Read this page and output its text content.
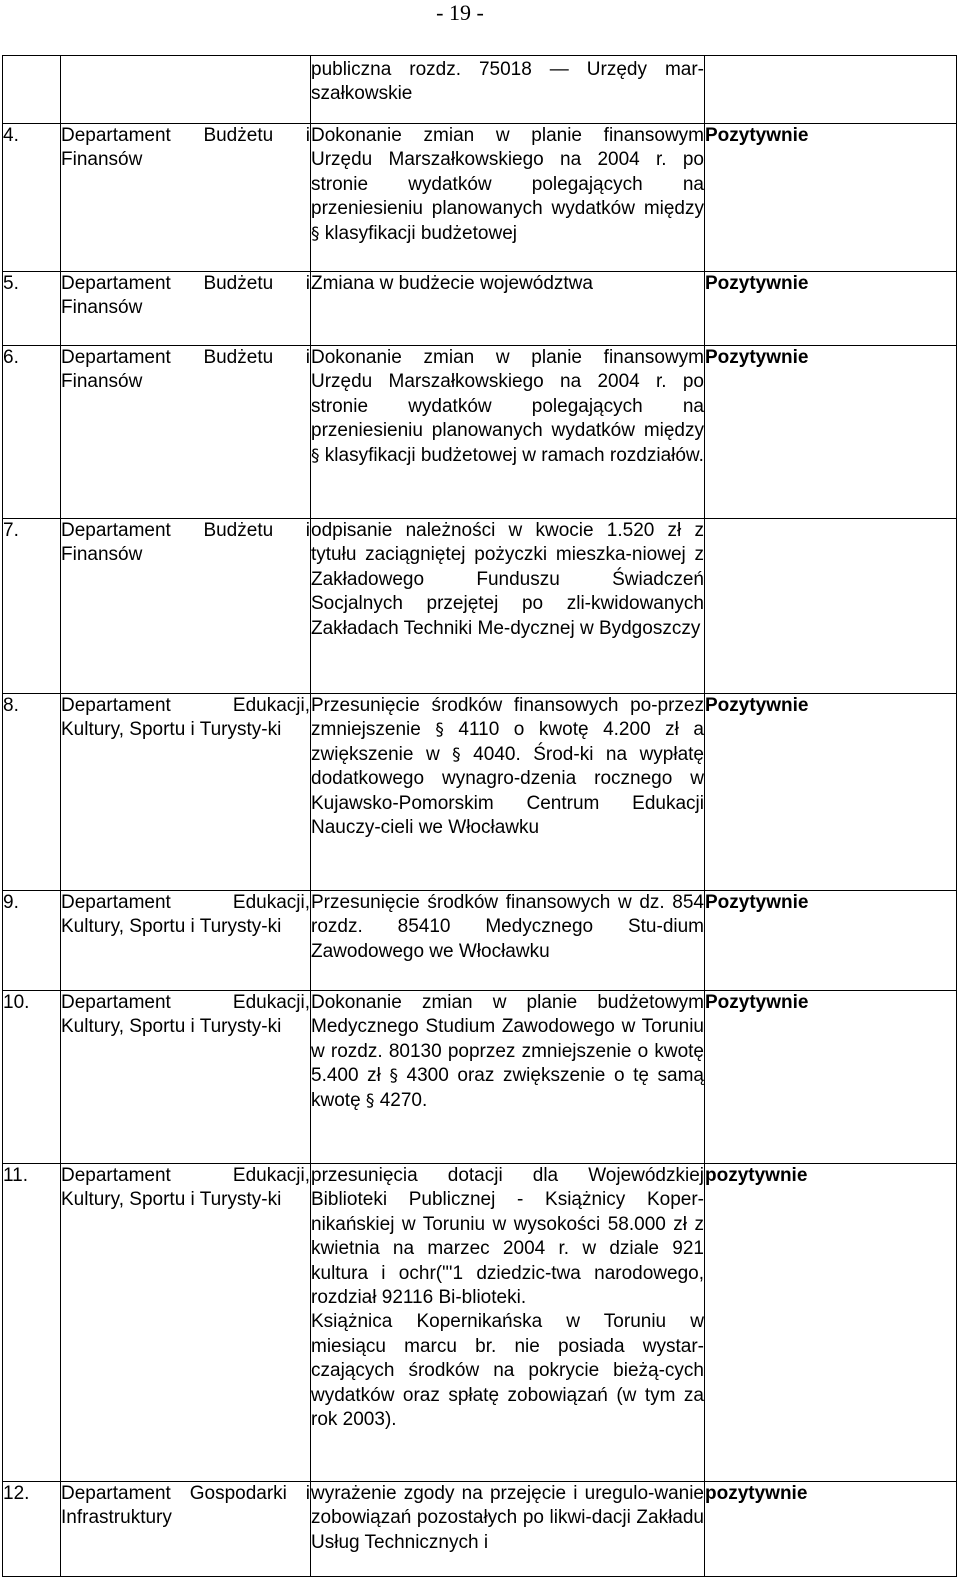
- 19 -
		publiczna rozdz. 75018 — Urzędy mar-szałkowskie	
4.	Departament Budżetu i Finansów	Dokonanie zmian w planie finansowym Urzędu Marszałkowskiego na 2004 r. po stronie wydatków polegających na przeniesieniu planowanych wydatków między § klasyfikacji budżetowej	Pozytywnie
5.	Departament Budżetu i Finansów	Zmiana w budżecie województwa	Pozytywnie
6.	Departament Budżetu i Finansów	Dokonanie zmian w planie finansowym Urzędu Marszałkowskiego na 2004 r. po stronie wydatków polegających na przeniesieniu planowanych wydatków między § klasyfikacji budżetowej w ramach rozdziałów.	Pozytywnie
7.	Departament Budżetu i Finansów	odpisanie należności w kwocie 1.520 zł z tytułu zaciągniętej pożyczki mieszka-niowej z Zakładowego Funduszu Świadczeń Socjalnych przejętej po zli-kwidowanych Zakładach Techniki Me-dycznej w Bydgoszczy	
8.	Departament Edukacji, Kultury, Sportu i Turysty-ki	Przesunięcie środków finansowych po-przez zmniejszenie § 4110 o kwotę 4.200 zł a zwiększenie w § 4040. Środ-ki na wypłatę dodatkowego wynagro-dzenia rocznego w Kujawsko-Pomorskim Centrum Edukacji Nauczy-cieli we Włocławku	Pozytywnie
9.	Departament Edukacji, Kultury, Sportu i Turysty-ki	Przesunięcie środków finansowych w dz. 854 rozdz. 85410 Medycznego Stu-dium Zawodowego we Włocławku	Pozytywnie
10.	Departament Edukacji, Kultury, Sportu i Turysty-ki	Dokonanie zmian w planie budżetowym Medycznego Studium Zawodowego w Toruniu w rozdz. 80130 poprzez zmniejszenie o kwotę 5.400 zł § 4300 oraz zwiększenie o tę samą kwotę § 4270.	Pozytywnie
11.	Departament Edukacji, Kultury, Sportu i Turysty-ki	przesunięcia dotacji dla Wojewódzkiej Biblioteki Publicznej - Książnicy Koper-nikańskiej w Toruniu w wysokości 58.000 zł z kwietnia na marzec 2004 r. w dziale 921 kultura i ochr("'1 dziedzic-twa narodowego, rozdział 92116 Bi-blioteki.
Książnica Kopernikańska w Toruniu w miesiącu marcu br. nie posiada wystar-czających środków na pokrycie bieżą-cych wydatków oraz spłatę zobowiązań (w tym za rok 2003).	pozytywnie
12.	Departament Gospodarki i Infrastruktury	wyrażenie zgody na przejęcie i uregulo-wanie zobowiązań pozostałych po likwi-dacji Zakładu Usług Technicznych i	pozytywnie
